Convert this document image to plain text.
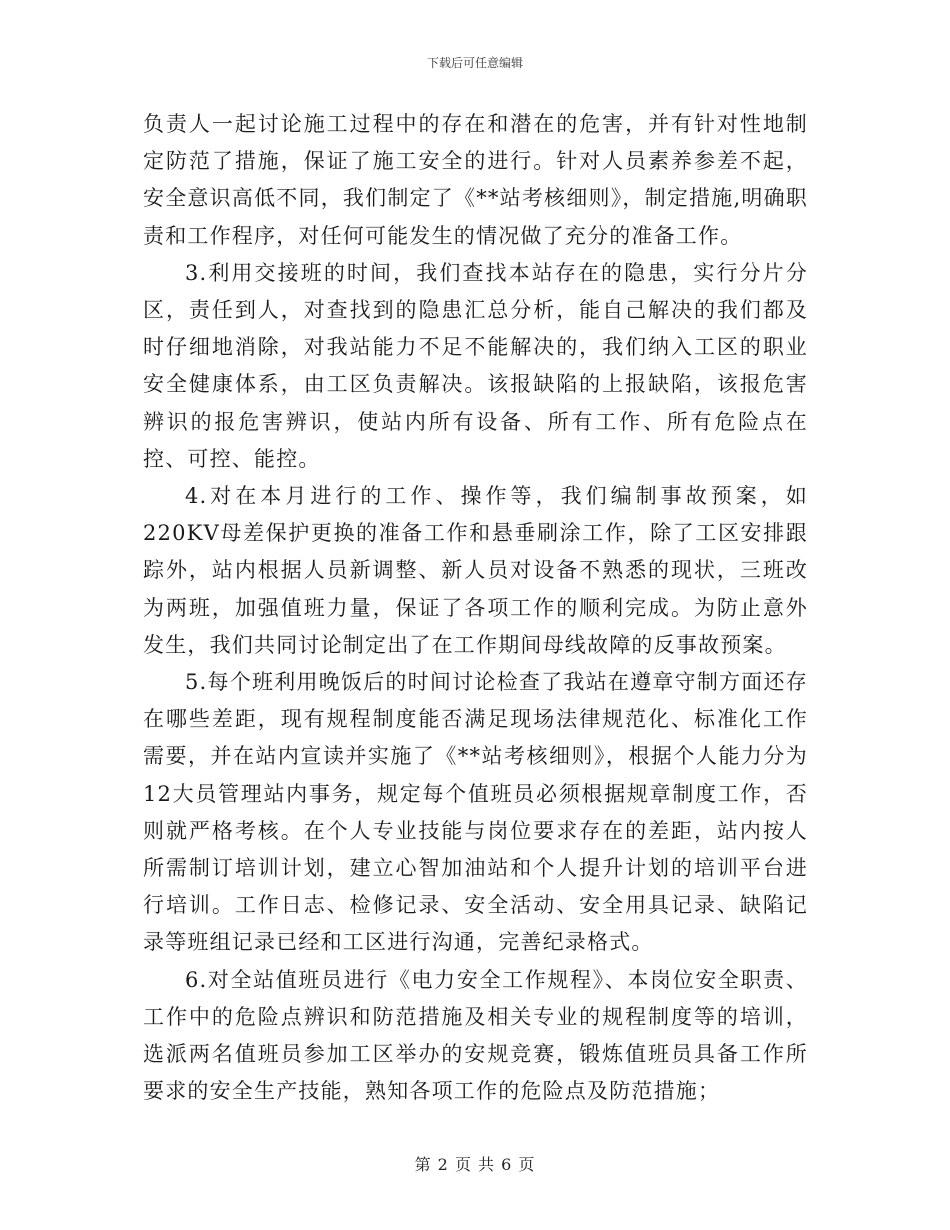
下载后可任意编辑

负责人一起讨论施工过程中的存在和潜在的危害，并有针对性地制定防范了措施，保证了施工安全的进行。针对人员素养参差不起，安全意识高低不同，我们制定了《**站考核细则》，制定措施,明确职责和工作程序，对任何可能发生的情况做了充分的准备工作。

3.利用交接班的时间，我们查找本站存在的隐患，实行分片分区，责任到人，对查找到的隐患汇总分析，能自己解决的我们都及时仔细地消除，对我站能力不足不能解决的，我们纳入工区的职业安全健康体系，由工区负责解决。该报缺陷的上报缺陷，该报危害辨识的报危害辨识，使站内所有设备、所有工作、所有危险点在控、可控、能控。

4.对在本月进行的工作、操作等，我们编制事故预案，如220KV母差保护更换的准备工作和悬垂刷涂工作，除了工区安排跟踪外，站内根据人员新调整、新人员对设备不熟悉的现状，三班改为两班，加强值班力量，保证了各项工作的顺利完成。为防止意外发生，我们共同讨论制定出了在工作期间母线故障的反事故预案。

5.每个班利用晚饭后的时间讨论检查了我站在遵章守制方面还存在哪些差距，现有规程制度能否满足现场法律规范化、标准化工作需要，并在站内宣读并实施了《**站考核细则》，根据个人能力分为12大员管理站内事务，规定每个值班员必须根据规章制度工作，否则就严格考核。在个人专业技能与岗位要求存在的差距，站内按人所需制订培训计划，建立心智加油站和个人提升计划的培训平台进行培训。工作日志、检修记录、安全活动、安全用具记录、缺陷记录等班组记录已经和工区进行沟通，完善纪录格式。

6.对全站值班员进行《电力安全工作规程》、本岗位安全职责、工作中的危险点辨识和防范措施及相关专业的规程制度等的培训，选派两名值班员参加工区举办的安规竞赛，锻炼值班员具备工作所要求的安全生产技能，熟知各项工作的危险点及防范措施；

第 2 页 共 6 页
